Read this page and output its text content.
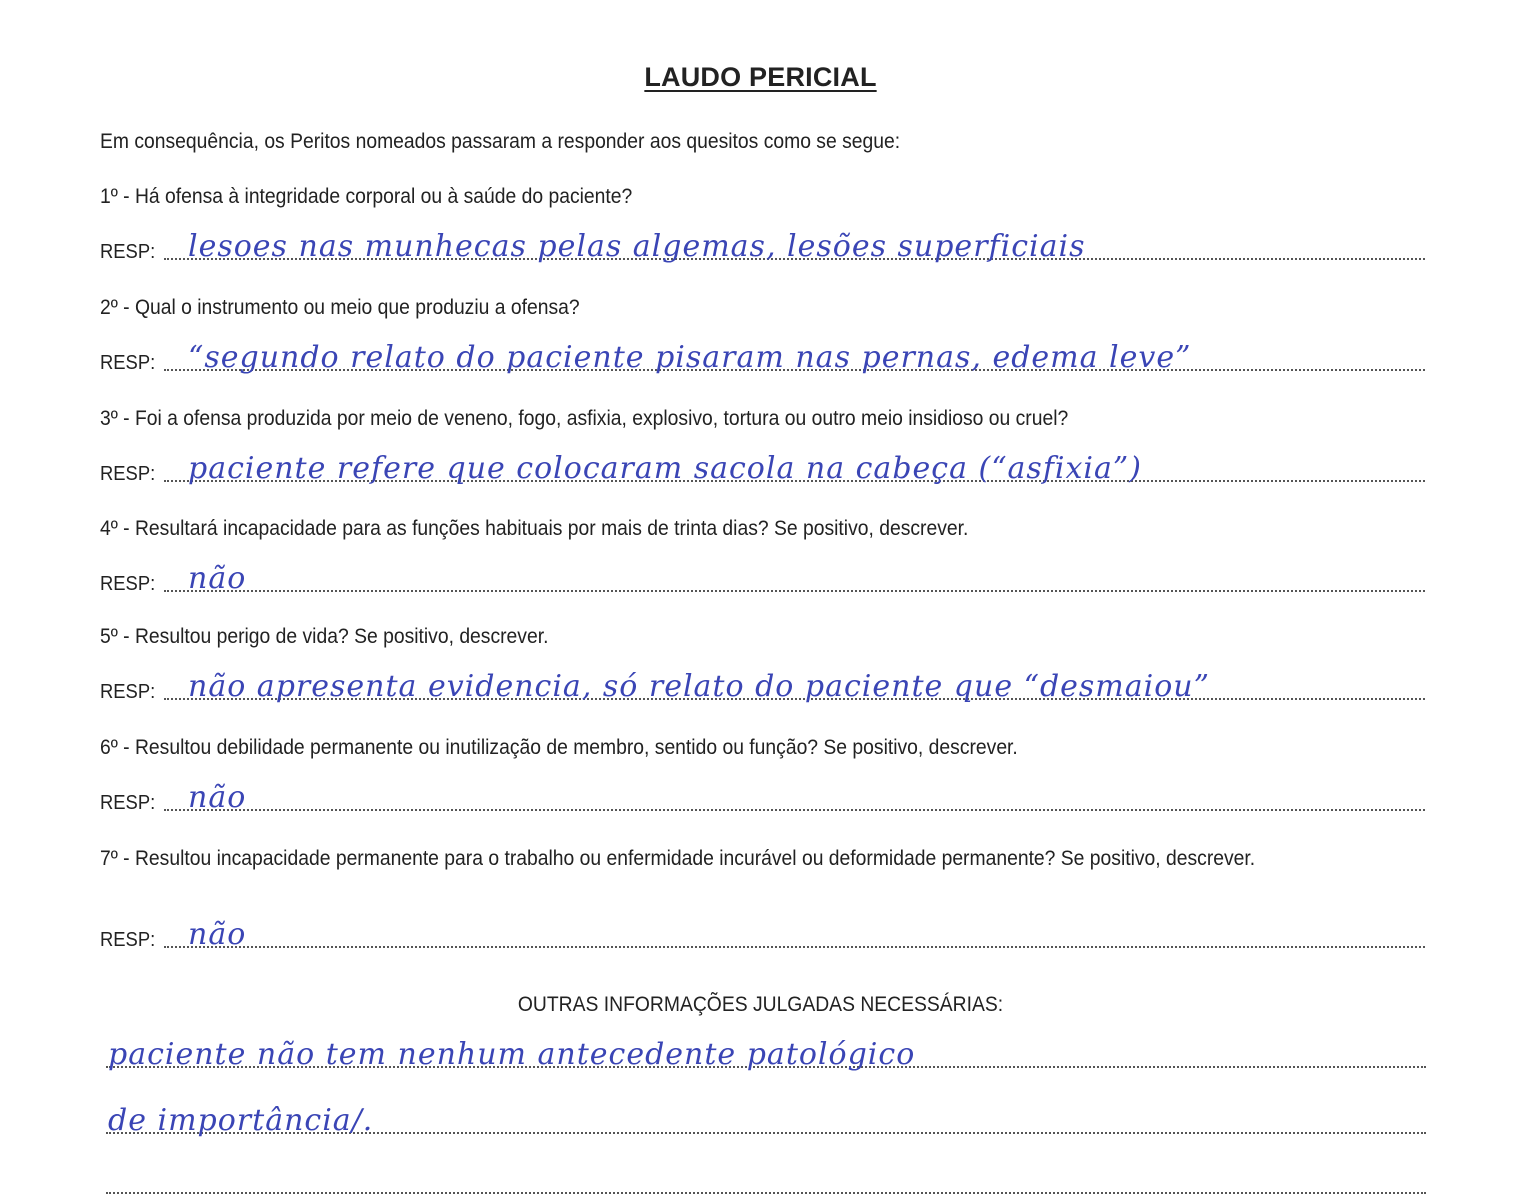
LAUDO PERICIAL
Em consequência, os Peritos nomeados passaram a responder aos quesitos como se segue:
1º - Há ofensa à integridade corporal ou à saúde do paciente?
RESP: lesoes nas munhecas pelas algemas, lesões superficiais
2º - Qual o instrumento ou meio que produziu a ofensa?
RESP: “segundo relato do paciente pisaram nas pernas, edema leve”
3º - Foi a ofensa produzida por meio de veneno, fogo, asfixia, explosivo, tortura ou outro meio insidioso ou cruel?
RESP: paciente refere que colocaram sacola na cabeça (“asfixia”)
4º - Resultará incapacidade para as funções habituais por mais de trinta dias? Se positivo, descrever.
RESP: não
5º - Resultou perigo de vida? Se positivo, descrever.
RESP: não apresenta evidencia, só relato do paciente que “desmaiou”
6º - Resultou debilidade permanente ou inutilização de membro, sentido ou função? Se positivo, descrever.
RESP: não
7º - Resultou incapacidade permanente para o trabalho ou enfermidade incurável ou deformidade permanente? Se positivo, descrever.
RESP: não
OUTRAS INFORMAÇÕES JULGADAS NECESSÁRIAS:
paciente não tem nenhum antecedente patológico
de importância/.
